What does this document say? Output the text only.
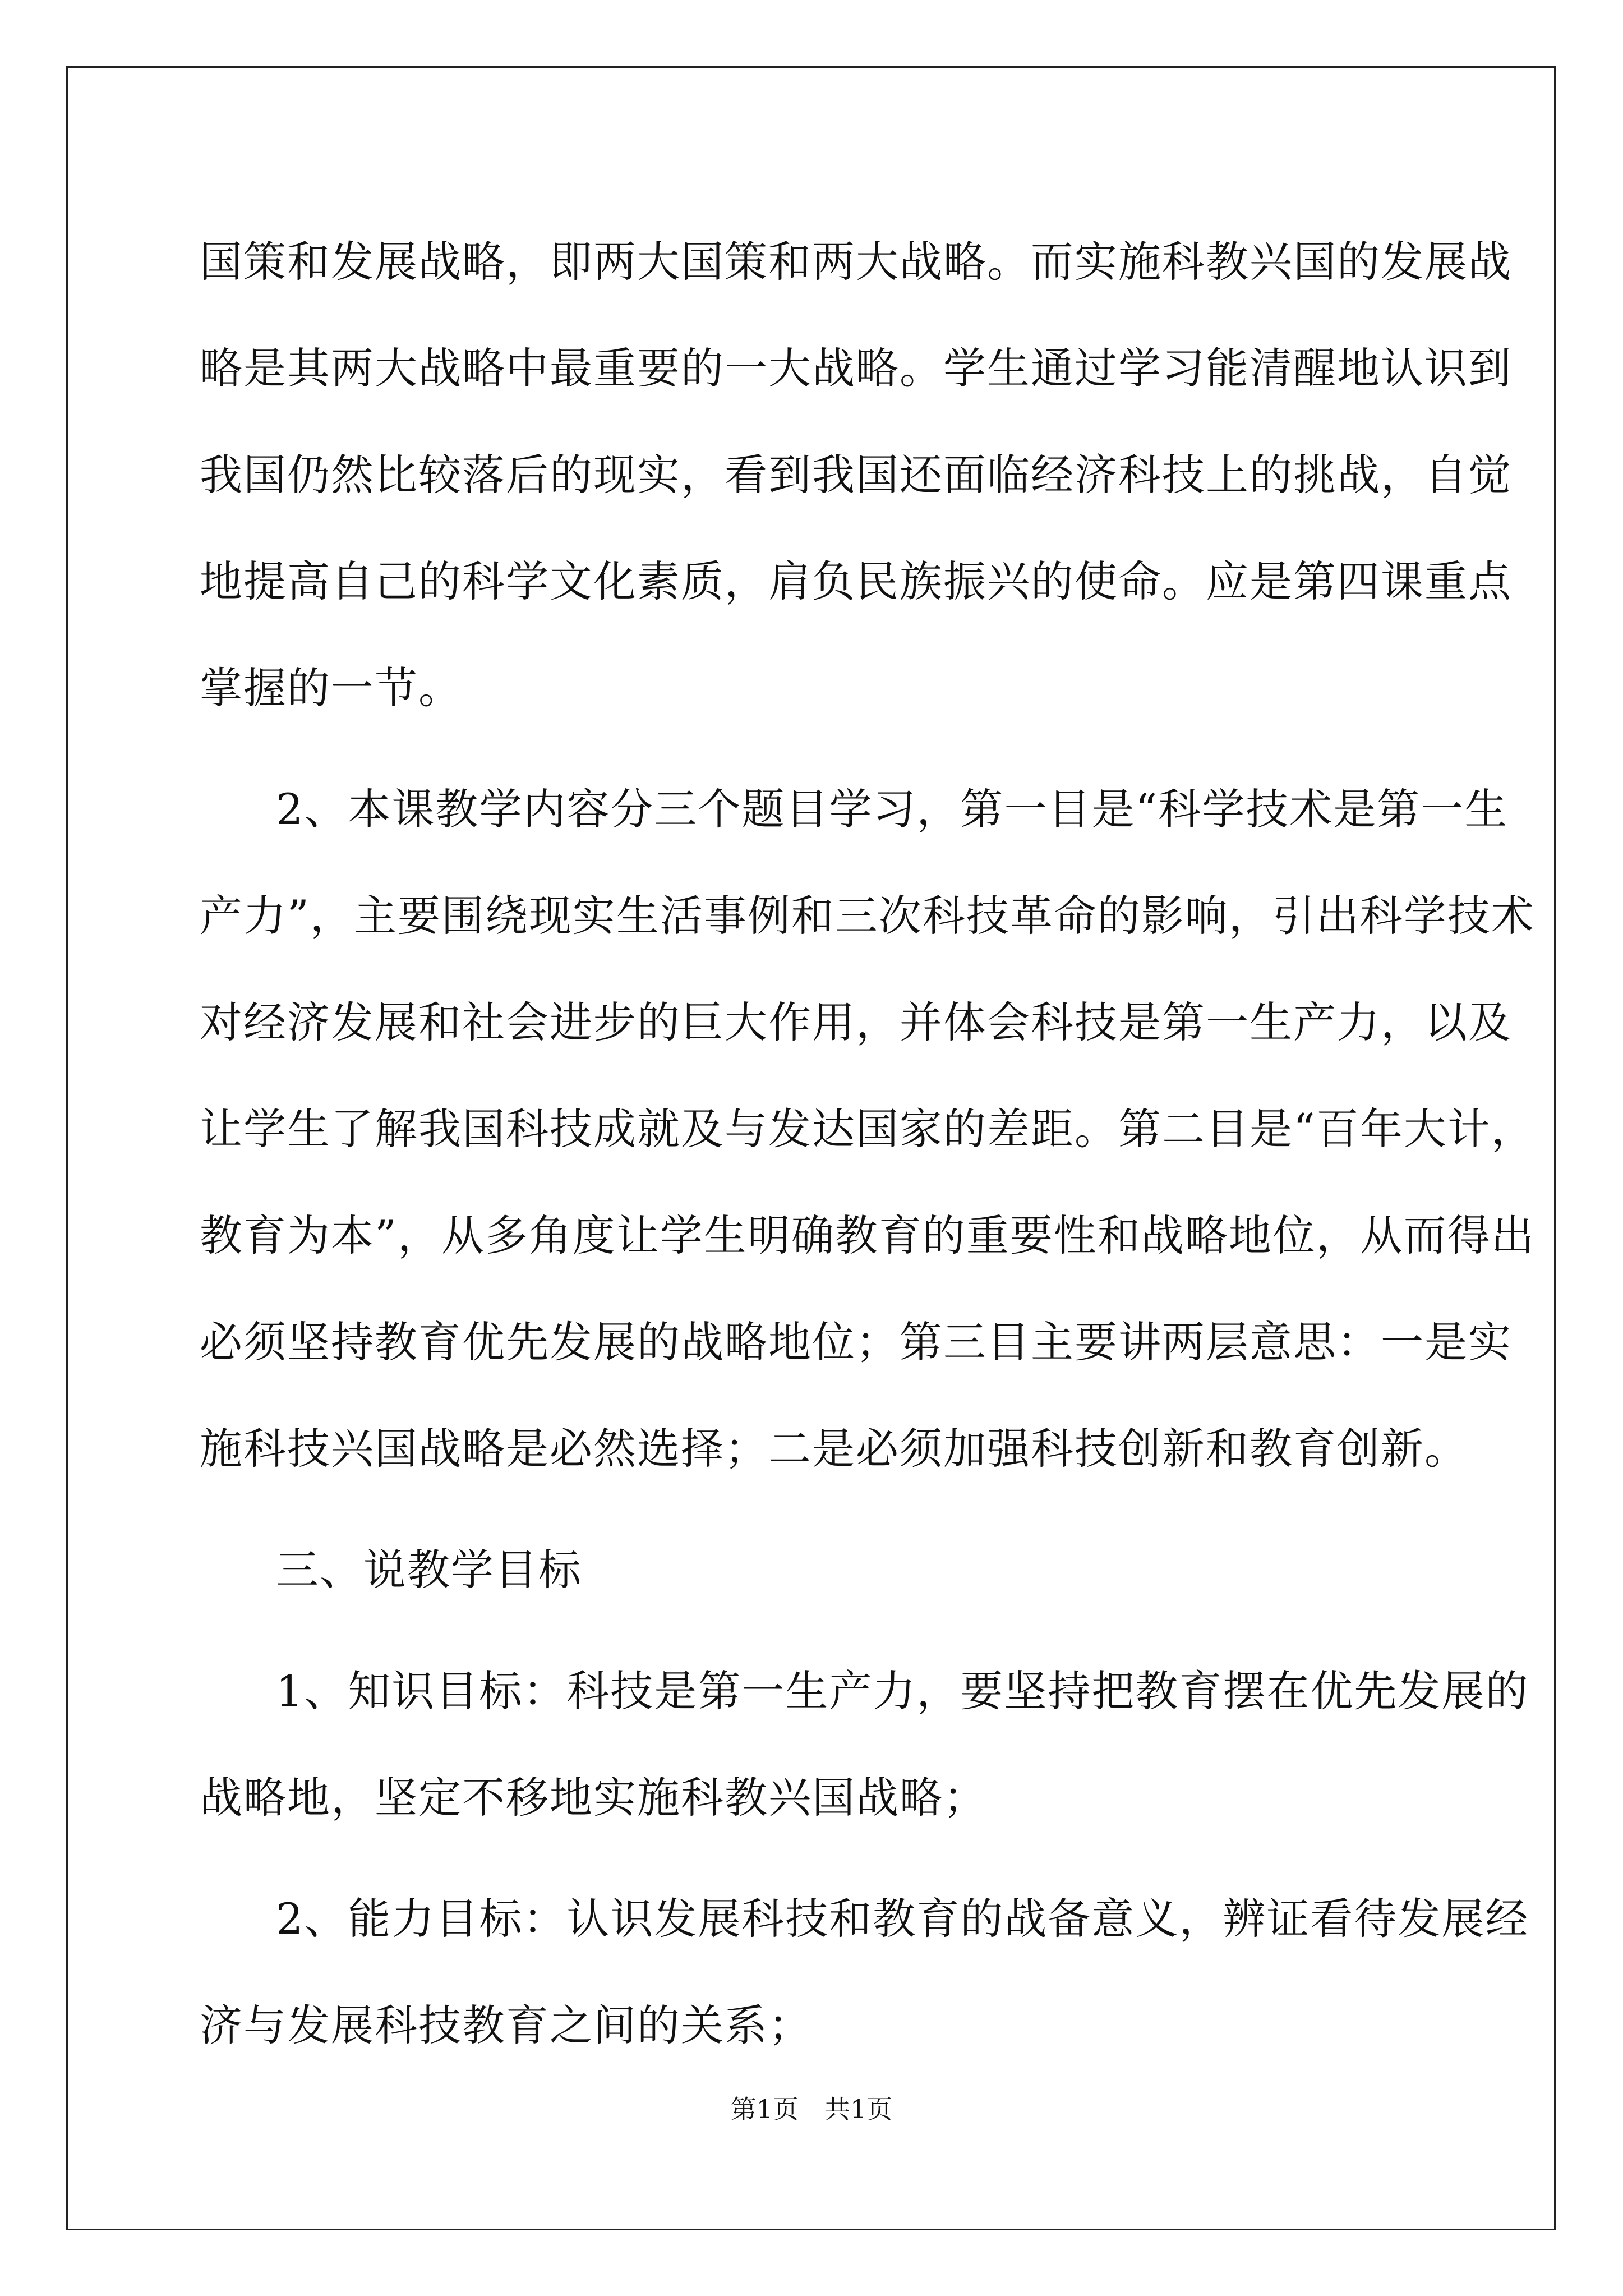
国策和发展战略，即两大国策和两大战略。而实施科教兴国的发展战
略是其两大战略中最重要的一大战略。学生通过学习能清醒地认识到
我国仍然比较落后的现实，看到我国还面临经济科技上的挑战，自觉
地提高自己的科学文化素质，肩负民族振兴的使命。应是第四课重点
掌握的一节。

2、本课教学内容分三个题目学习，第一目是“科学技术是第一生
产力”，主要围绕现实生活事例和三次科技革命的影响，引出科学技术
对经济发展和社会进步的巨大作用，并体会科技是第一生产力，以及
让学生了解我国科技成就及与发达国家的差距。第二目是“百年大计，
教育为本”，从多角度让学生明确教育的重要性和战略地位，从而得出
必须坚持教育优先发展的战略地位；第三目主要讲两层意思：一是实
施科技兴国战略是必然选择；二是必须加强科技创新和教育创新。

三、说教学目标

1、知识目标：科技是第一生产力，要坚持把教育摆在优先发展的
战略地，坚定不移地实施科教兴国战略；

2、能力目标：认识发展科技和教育的战备意义，辨证看待发展经
济与发展科技教育之间的关系；

第1页　共1页
